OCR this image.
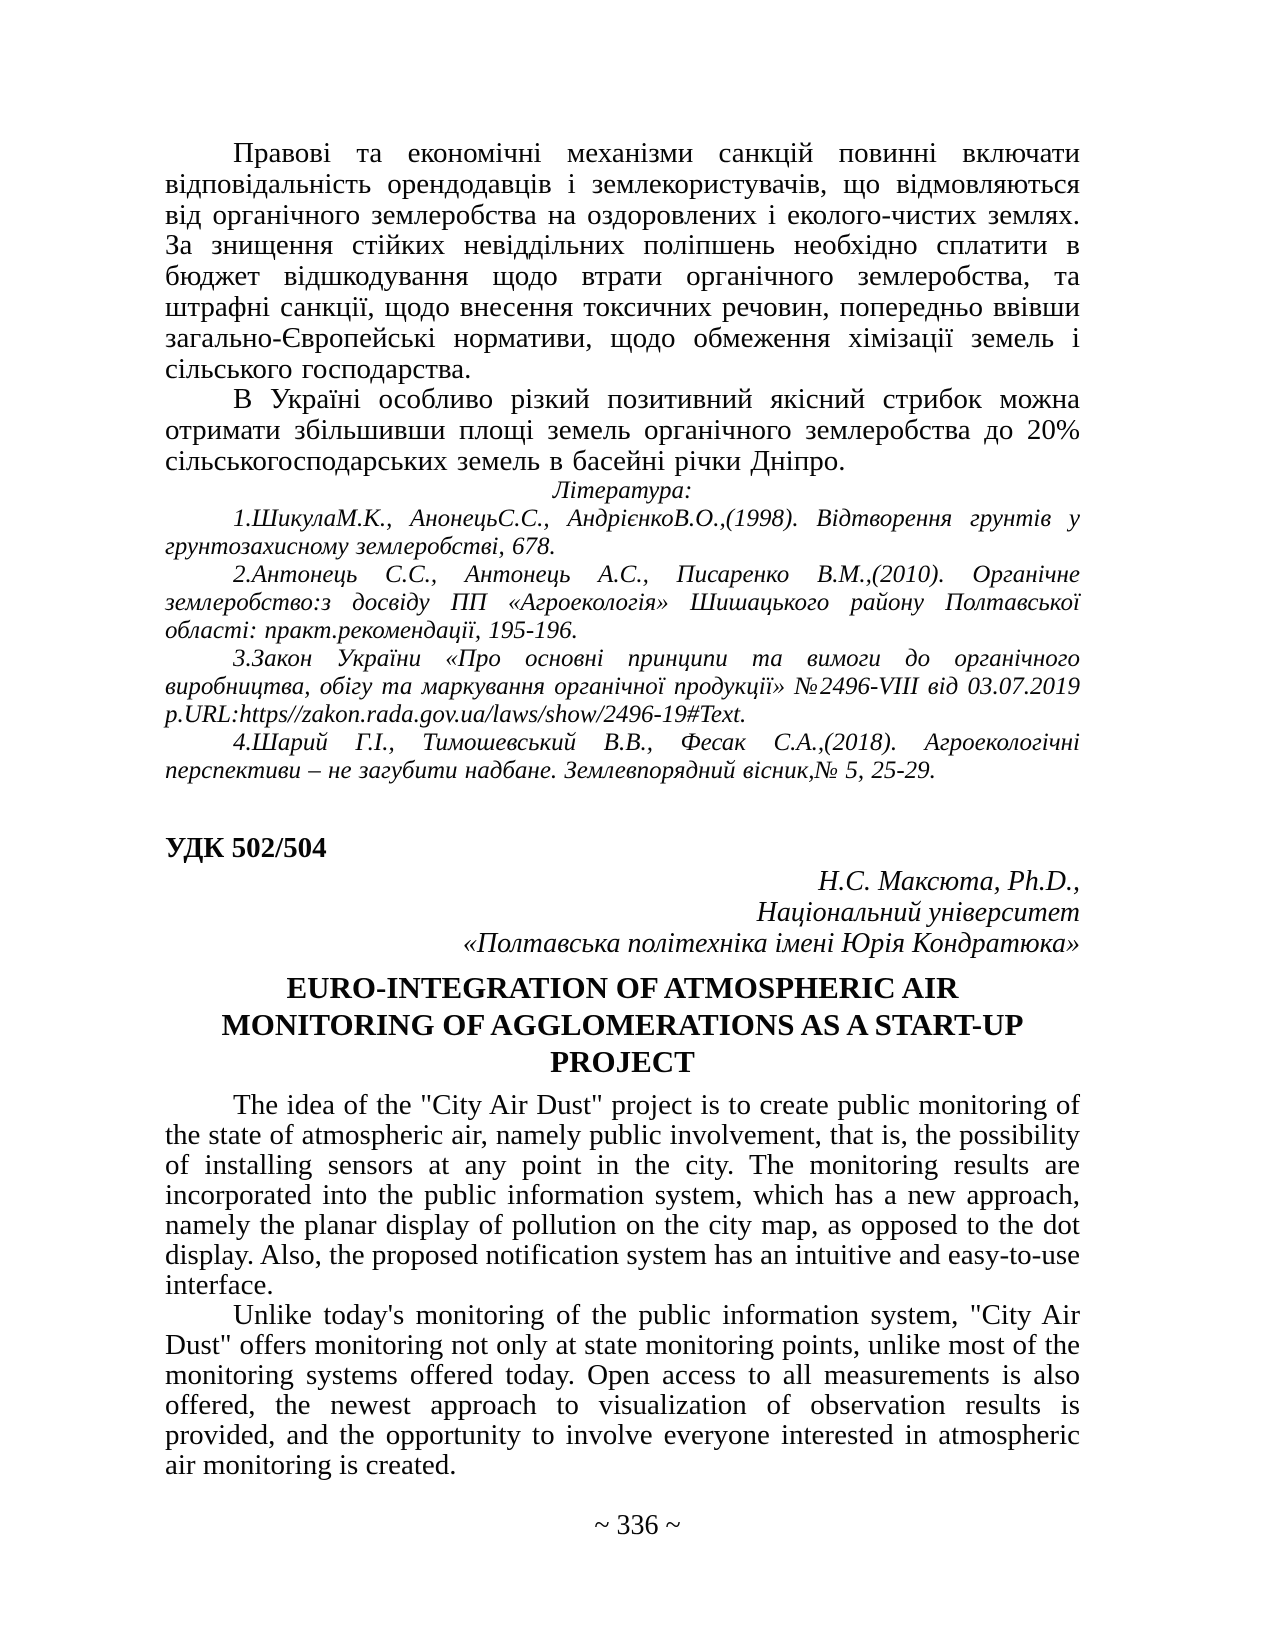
Правові та економічні механізми санкцій повинні включати відповідальність орендодавців і землекористувачів, що відмовляються від органічного землеробства на оздоровлених і еколого-чистих землях. За знищення стійких невіддільних поліпшень необхідно сплатити в бюджет відшкодування щодо втрати органічного землеробства, та штрафні санкції, щодо внесення токсичних речовин, попередньо ввівши загально-Європейські нормативи, щодо обмеження хімізації земель і сільського господарства.

В Україні особливо різкий позитивний якісний стрибок можна отримати збільшивши площі земель органічного землеробства до 20% сільськогосподарських земель в басейні річки Дніпро.

Література:

1.ШикулаМ.К., АнонецьС.С., АндрієнкоВ.О.,(1998). Відтворення грунтів у грунтозахисному землеробстві, 678.

2.Антонець С.С., Антонець А.С., Писаренко В.М.,(2010). Органічне землеробство:з досвіду ПП «Агроекологія» Шишацького району Полтавської області: практ.рекомендації, 195-196.

3.Закон України «Про основні принципи та вимоги до органічного виробництва, обігу та маркування органічної продукції» №2496-VIII від 03.07.2019 р.URL:https//zakon.rada.gov.ua/laws/show/2496-19#Text.

4.Шарий Г.І., Тимошевський В.В., Фесак С.А.,(2018). Агроекологічні перспективи – не загубити надбане. Землевпорядний вісник,№ 5, 25-29.

УДК 502/504

Н.С. Максюта, Ph.D.,

Національний університет

«Полтавська політехніка імені Юрія Кондратюка»

EURO-INTEGRATION OF ATMOSPHERIC AIR
MONITORING OF AGGLOMERATIONS AS A START-UP
PROJECT

The idea of the "City Air Dust" project is to create public monitoring of the state of atmospheric air, namely public involvement, that is, the possibility of installing sensors at any point in the city. The monitoring results are incorporated into the public information system, which has a new approach, namely the planar display of pollution on the city map, as opposed to the dot display. Also, the proposed notification system has an intuitive and easy-to-use interface.

Unlike today's monitoring of the public information system, "City Air Dust" offers monitoring not only at state monitoring points, unlike most of the monitoring systems offered today. Open access to all measurements is also offered, the newest approach to visualization of observation results is provided, and the opportunity to involve everyone interested in atmospheric air monitoring is created.

~ 336 ~
